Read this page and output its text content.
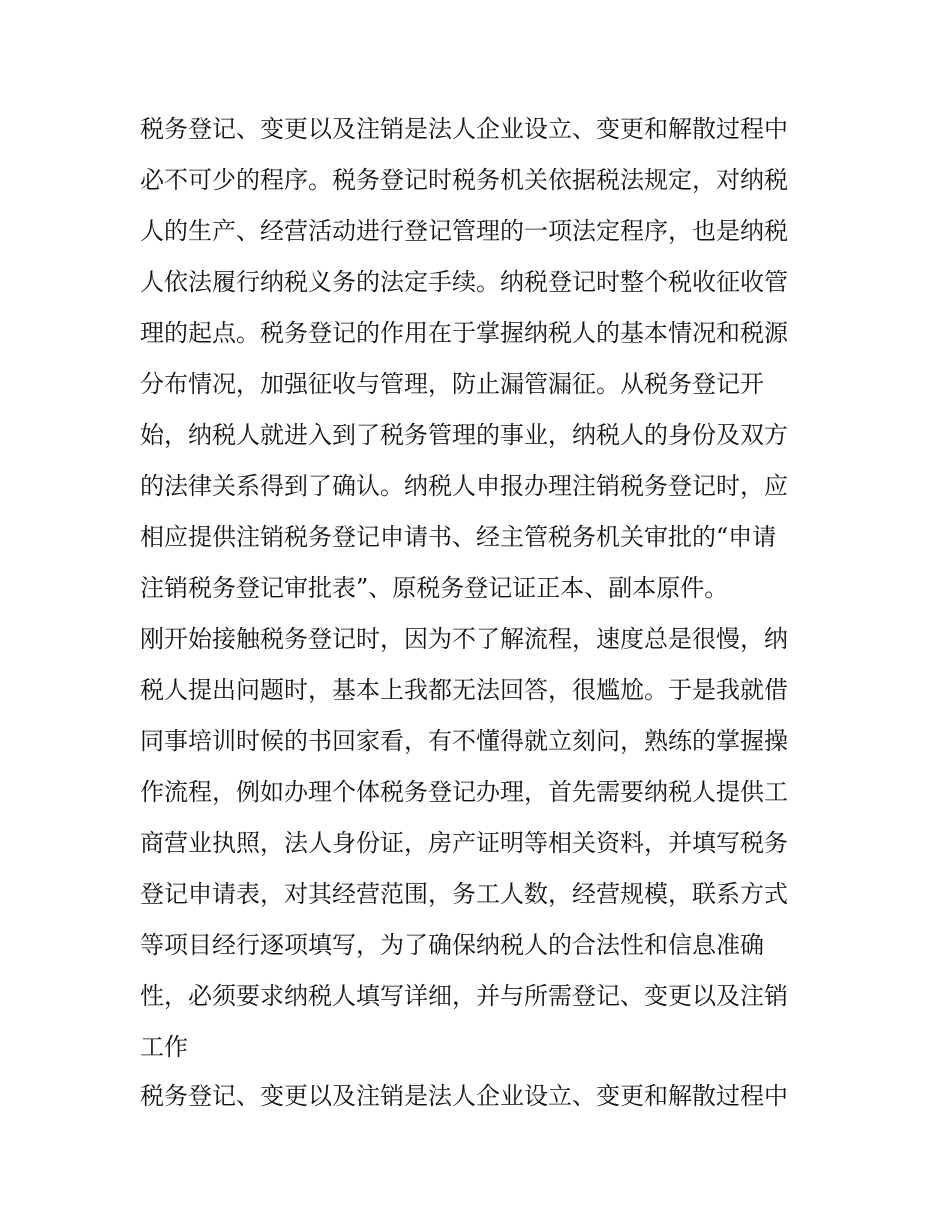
税务登记、变更以及注销是法人企业设立、变更和解散过程中
必不可少的程序。税务登记时税务机关依据税法规定，对纳税
人的生产、经营活动进行登记管理的一项法定程序，也是纳税
人依法履行纳税义务的法定手续。纳税登记时整个税收征收管
理的起点。税务登记的作用在于掌握纳税人的基本情况和税源
分布情况，加强征收与管理，防止漏管漏征。从税务登记开
始，纳税人就进入到了税务管理的事业，纳税人的身份及双方
的法律关系得到了确认。纳税人申报办理注销税务登记时，应
相应提供注销税务登记申请书、经主管税务机关审批的“申请
注销税务登记审批表”、原税务登记证正本、副本原件。
刚开始接触税务登记时，因为不了解流程，速度总是很慢，纳
税人提出问题时，基本上我都无法回答，很尴尬。于是我就借
同事培训时候的书回家看，有不懂得就立刻问，熟练的掌握操
作流程，例如办理个体税务登记办理，首先需要纳税人提供工
商营业执照，法人身份证，房产证明等相关资料，并填写税务
登记申请表，对其经营范围，务工人数，经营规模，联系方式
等项目经行逐项填写，为了确保纳税人的合法性和信息准确
性，必须要求纳税人填写详细，并与所需登记、变更以及注销
工作
税务登记、变更以及注销是法人企业设立、变更和解散过程中
